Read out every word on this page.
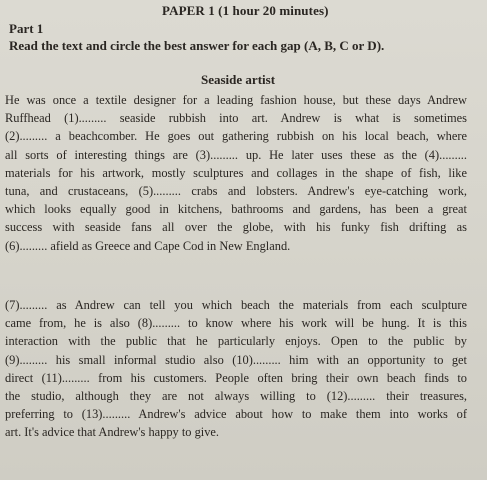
PAPER 1 (1 hour 20 minutes)
Part 1
Read the text and circle the best answer for each gap (A, B, C or D).
Seaside artist
He was once a textile designer for a leading fashion house, but these days Andrew
Ruffhead (1)......... seaside rubbish into art. Andrew is what is sometimes
(2)......... a beachcomber. He goes out gathering rubbish on his local beach, where
all sorts of interesting things are (3)......... up. He later uses these as the (4).........
materials for his artwork, mostly sculptures and collages in the shape of fish, like
tuna, and crustaceans, (5)......... crabs and lobsters. Andrew's eye-catching work,
which looks equally good in kitchens, bathrooms and gardens, has been a great
success with seaside fans all over the globe, with his funky fish drifting as
(6)......... afield as Greece and Cape Cod in New England.
(7)......... as Andrew can tell you which beach the materials from each sculpture
came from, he is also (8)......... to know where his work will be hung. It is this
interaction with the public that he particularly enjoys. Open to the public by
(9)......... his small informal studio also (10)......... him with an opportunity to get
direct (11)......... from his customers. People often bring their own beach finds to
the studio, although they are not always willing to (12)......... their treasures,
preferring to (13)......... Andrew's advice about how to make them into works of
art. It's advice that Andrew's happy to give.
